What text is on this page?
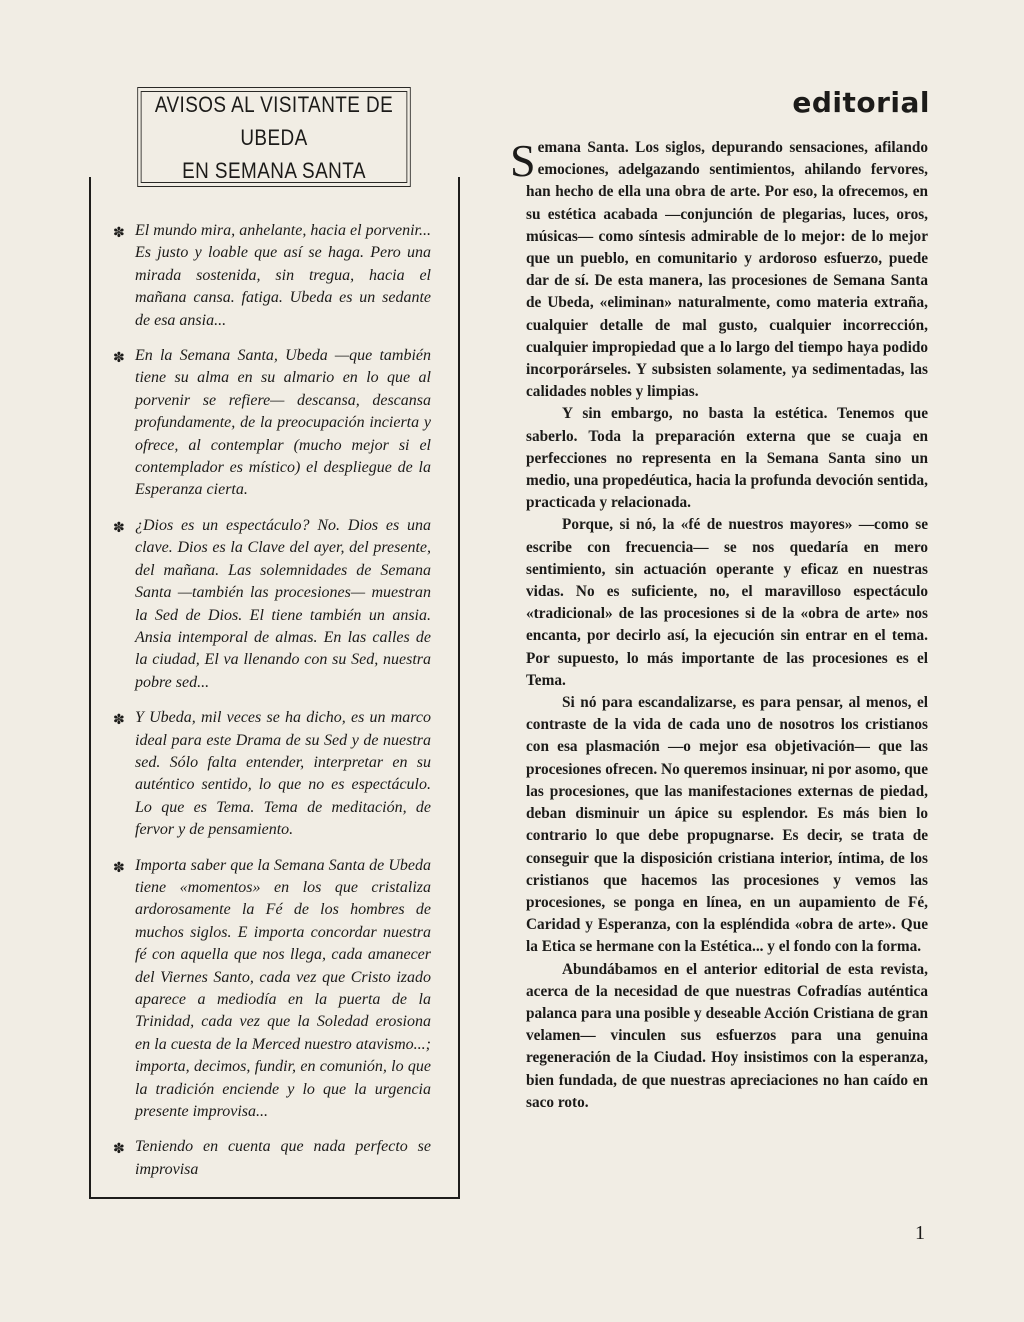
AVISOS AL VISITANTE DE UBEDA
EN SEMANA SANTA
✽ El mundo mira, anhelante, hacia el porvenir... Es justo y loable que así se haga. Pero una mirada sostenida, sin tregua, hacia el mañana cansa. fatiga. Ubeda es un sedante de esa ansia...
✽ En la Semana Santa, Ubeda —que también tiene su alma en su almario en lo que al porvenir se refiere— descansa, descansa profundamente, de la preocupación incierta y ofrece, al contemplar (mucho mejor si el contemplador es místico) el despliegue de la Esperanza cierta.
✽ ¿Dios es un espectáculo? No. Dios es una clave. Dios es la Clave del ayer, del presente, del mañana. Las solemnidades de Semana Santa —también las procesiones— muestran la Sed de Dios. El tiene también un ansia. Ansia intemporal de almas. En las calles de la ciudad, El va llenando con su Sed, nuestra pobre sed...
✽ Y Ubeda, mil veces se ha dicho, es un marco ideal para este Drama de su Sed y de nuestra sed. Sólo falta entender, interpretar en su auténtico sentido, lo que no es espectáculo. Lo que es Tema. Tema de meditación, de fervor y de pensamiento.
✽ Importa saber que la Semana Santa de Ubeda tiene «momentos» en los que cristaliza ardorosamente la Fé de los hombres de muchos siglos. E importa concordar nuestra fé con aquella que nos llega, cada amanecer del Viernes Santo, cada vez que Cristo izado aparece a mediodía en la puerta de la Trinidad, cada vez que la Soledad erosiona en la cuesta de la Merced nuestro atavismo...; importa, decimos, fundir, en comunión, lo que la tradición enciende y lo que la urgencia presente improvisa...
✽ Teniendo en cuenta que nada perfecto se improvisa
editorial

Semana Santa. Los siglos, depurando sensaciones, afilando emociones, adelgazando sentimientos, ahilando fervores, han hecho de ella una obra de arte. Por eso, la ofrecemos, en su estética acabada —conjunción de plegarias, luces, oros, músicas— como síntesis admirable de lo mejor: de lo mejor que un pueblo, en comunitario y ardoroso esfuerzo, puede dar de sí. De esta manera, las procesiones de Semana Santa de Ubeda, «eliminan» naturalmente, como materia extraña, cualquier detalle de mal gusto, cualquier incorrección, cualquier impropiedad que a lo largo del tiempo haya podido incorporárseles. Y subsisten solamente, ya sedimentadas, las calidades nobles y limpias.

Y sin embargo, no basta la estética. Tenemos que saberlo. Toda la preparación externa que se cuaja en perfecciones no representa en la Semana Santa sino un medio, una propedéutica, hacia la profunda devoción sentida, practicada y relacionada.

Porque, si nó, la «fé de nuestros mayores» —como se escribe con frecuencia— se nos quedaría en mero sentimiento, sin actuación operante y eficaz en nuestras vidas. No es suficiente, no, el maravilloso espectáculo «tradicional» de las procesiones si de la «obra de arte» nos encanta, por decirlo así, la ejecución sin entrar en el tema. Por supuesto, lo más importante de las procesiones es el Tema.

Si nó para escandalizarse, es para pensar, al menos, el contraste de la vida de cada uno de nosotros los cristianos con esa plasmación —o mejor esa objetivación— que las procesiones ofrecen. No queremos insinuar, ni por asomo, que las procesiones, que las manifestaciones externas de piedad, deban disminuir un ápice su esplendor. Es más bien lo contrario lo que debe propugnarse. Es decir, se trata de conseguir que la disposición cristiana interior, íntima, de los cristianos que hacemos las procesiones y vemos las procesiones, se ponga en línea, en un aupamiento de Fé, Caridad y Esperanza, con la espléndida «obra de arte». Que la Etica se hermane con la Estética... y el fondo con la forma.

Abundábamos en el anterior editorial de esta revista, acerca de la necesidad de que nuestras Cofradías auténtica palanca para una posible y deseable Acción Cristiana de gran velamen— vinculen sus esfuerzos para una genuina regeneración de la Ciudad. Hoy insistimos con la esperanza, bien fundada, de que nuestras apreciaciones no han caído en saco roto.

1
